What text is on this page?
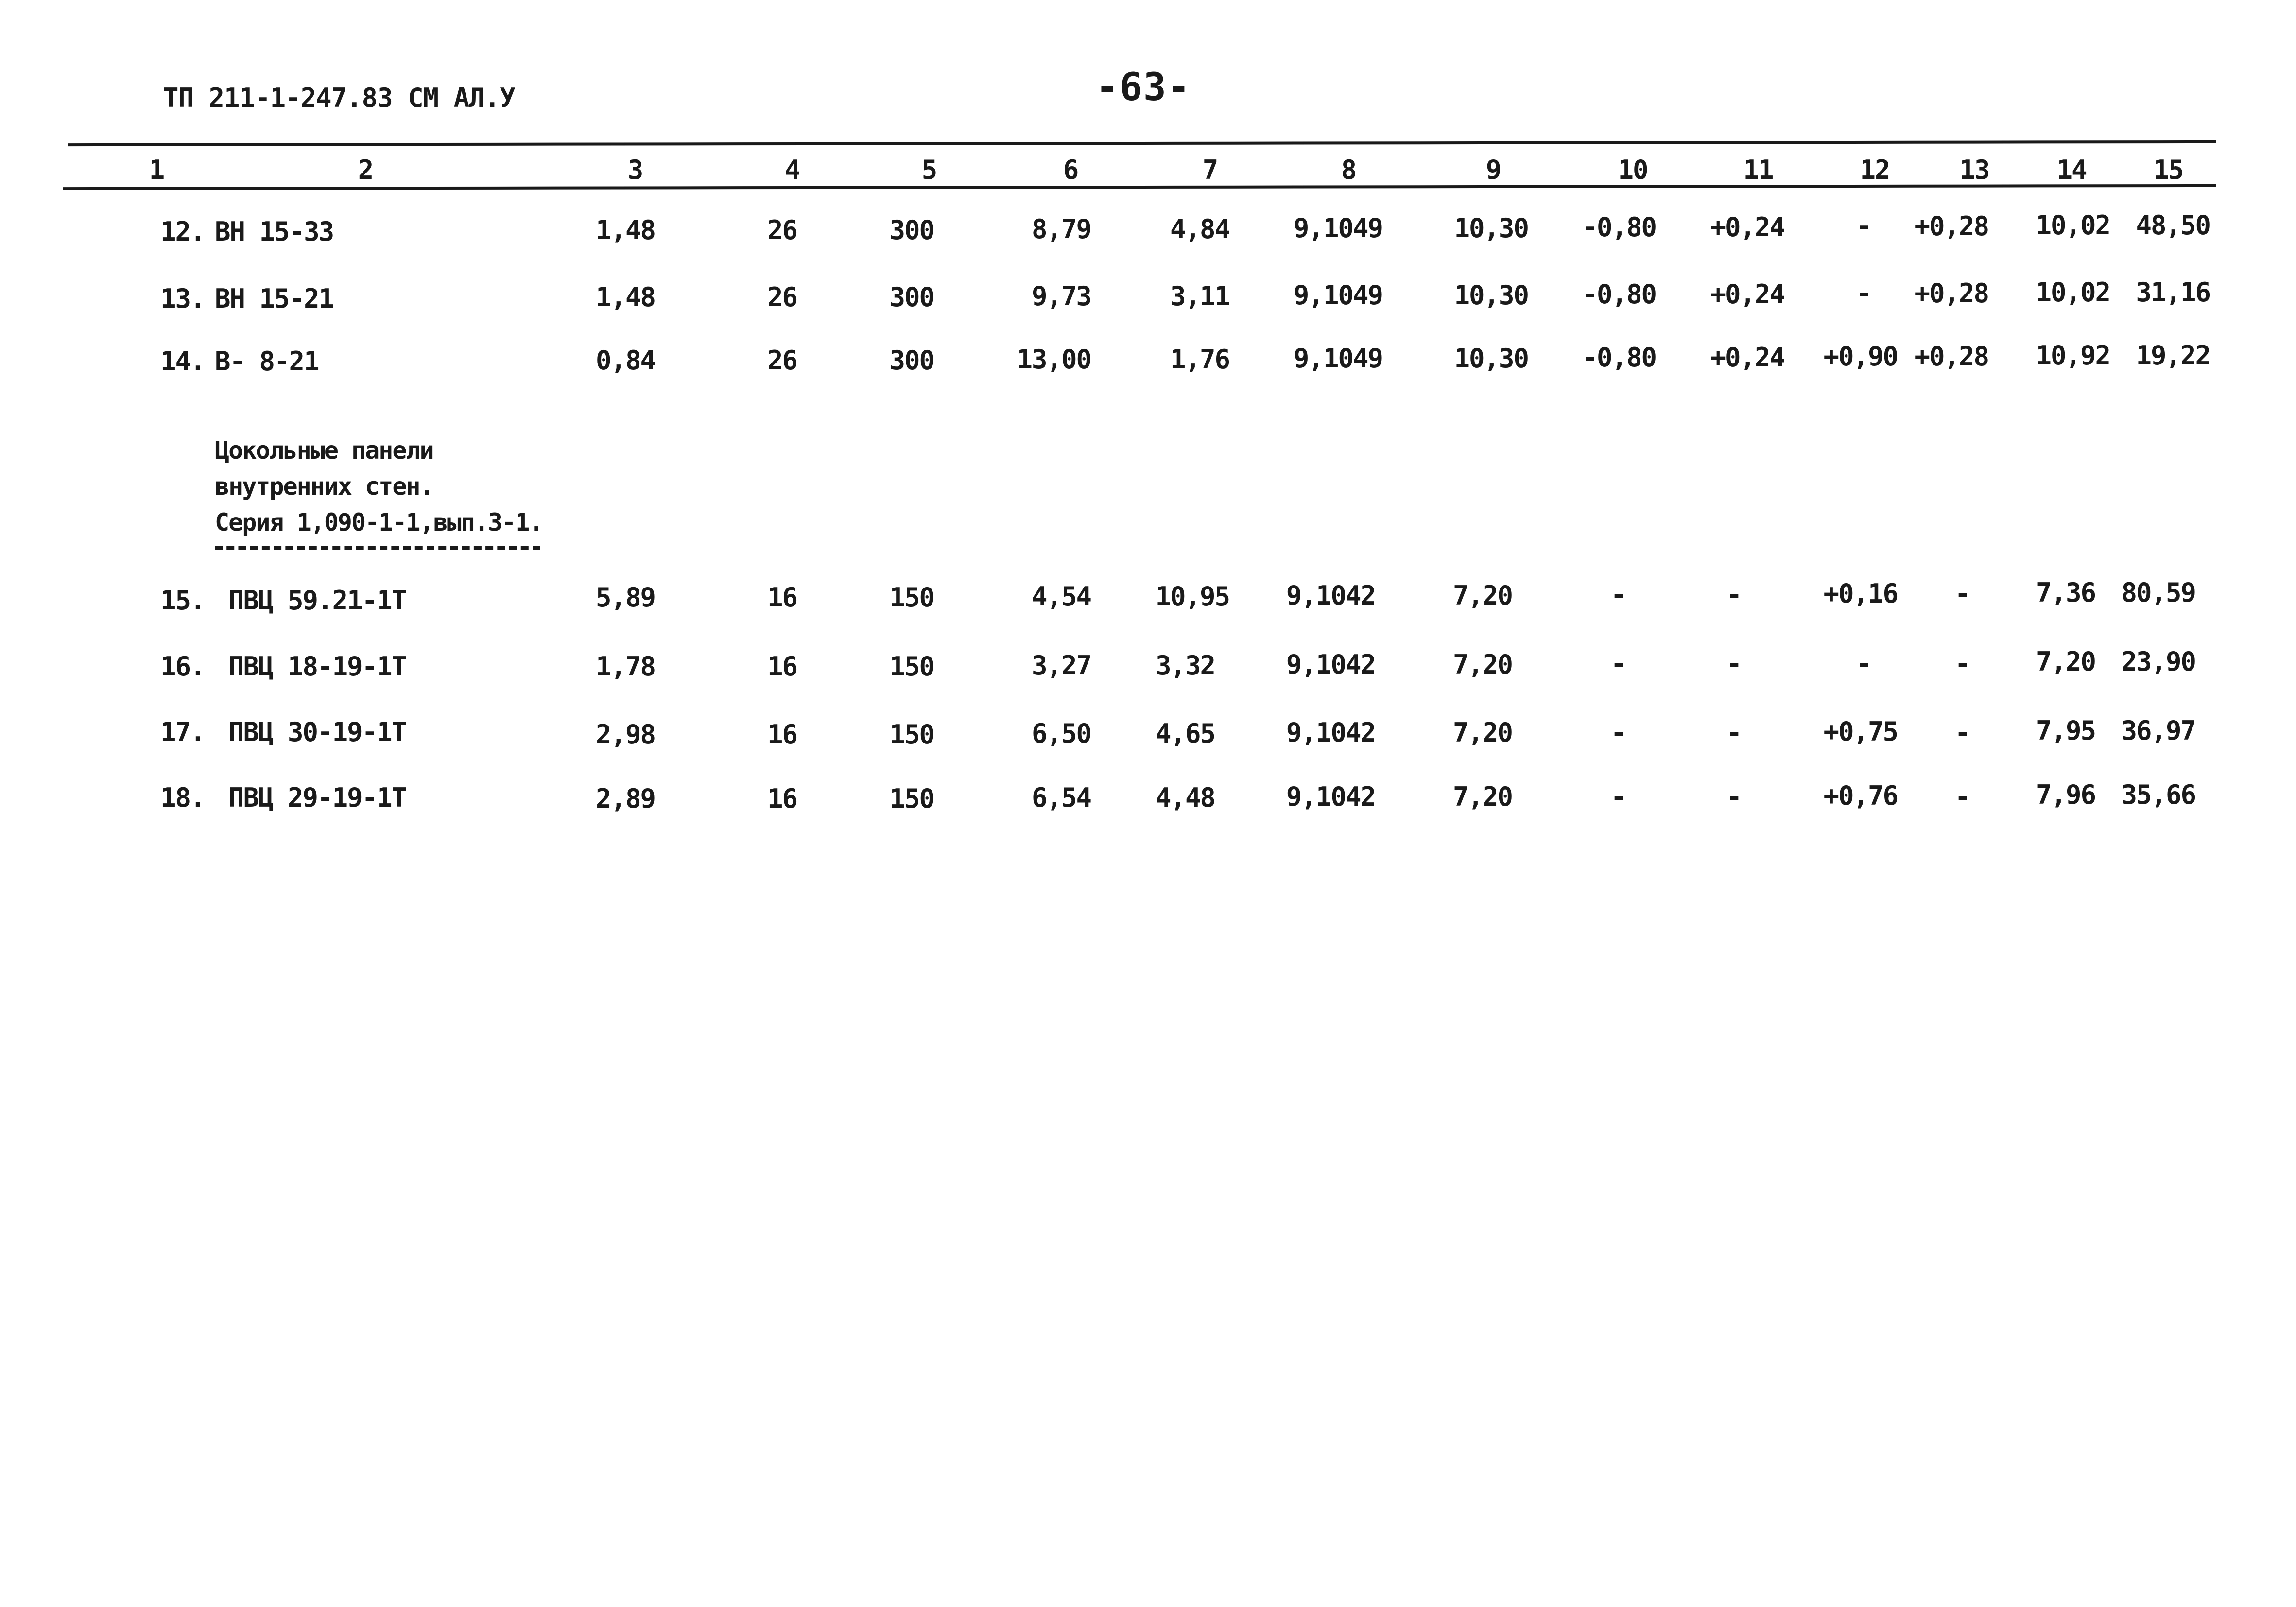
ТП 211-1-247.83 СМ АЛ.У	-63-
1	2	3	4	5	6	7	8	9	10	11	12	13	14	15
12. ВН 15-33	1,48	26	300	8,79	4,84 9,1049	10,30 -0,80 +0,24	- +0,28 10,02 48,50
13. ВН 15-21	1,48	26	300	9,73	3,11 9,1049	10,30 -0,80 +0,24	- +0,28 10,02 31,16
14. В- 8-21	0,84	26	300	13,00	1,76 9,1049	10,30 -0,80 +0,24 +0,90 +0,28 10,92 19,22
Цокольные панели
внутренних стен.
Серия 1,090-1-1,вып.3-1.
15. ПВЦ 59.21-1Т	5,89	16	150	4,54 10,95 9,1042	7,20	-	-	+0,16 -	7,36 80,59
16. ПВЦ 18-19-1Т	1,78	16	150	3,27 3,32	9,1042	7,20	-	-	-	-	7,20 23,90
17. ПВЦ 30-19-1Т	2,98	16	150	6,50 4,65	9,1042	7,20	-	-	+0,75 -	7,95 36,97
18. ПВЦ 29-19-1Т	2,89	16	150	6,54 4,48	9,1042	7,20	-	-	+0,76 -	7,96 35,66
